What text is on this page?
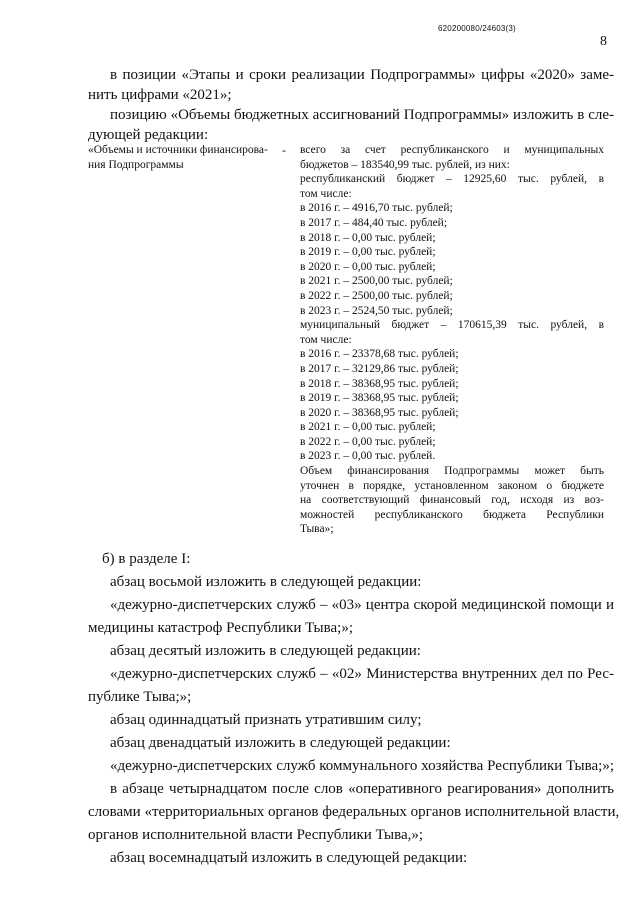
620200080/24603(3)
8
в позиции «Этапы и сроки реализации Подпрограммы» цифры «2020» заме-
нить цифрами «2021»;
позицию «Объемы бюджетных ассигнований Подпрограммы» изложить в сле-
дующей редакции:
«Объемы и источники финансирова-
ния Подпрограммы
- всего за счет республиканского и муниципальных
бюджетов – 183540,99 тыс. рублей, из них:
республиканский бюджет – 12925,60 тыс. рублей, в
том числе:
в 2016 г. – 4916,70 тыс. рублей;
в 2017 г. – 484,40 тыс. рублей;
в 2018 г. – 0,00 тыс. рублей;
в 2019 г. – 0,00 тыс. рублей;
в 2020 г. – 0,00 тыс. рублей;
в 2021 г. – 2500,00 тыс. рублей;
в 2022 г. – 2500,00 тыс. рублей;
в 2023 г. – 2524,50 тыс. рублей;
муниципальный бюджет – 170615,39 тыс. рублей, в
том числе:
в 2016 г. – 23378,68 тыс. рублей;
в 2017 г. – 32129,86 тыс. рублей;
в 2018 г. – 38368,95 тыс. рублей;
в 2019 г. – 38368,95 тыс. рублей;
в 2020 г. – 38368,95 тыс. рублей;
в 2021 г. – 0,00 тыс. рублей;
в 2022 г. – 0,00 тыс. рублей;
в 2023 г. – 0,00 тыс. рублей.
Объем финансирования Подпрограммы может быть
уточнен в порядке, установленном законом о бюджете
на соответствующий финансовый год, исходя из воз-
можностей республиканского бюджета Республики
Тыва»;
б) в разделе I:
абзац восьмой изложить в следующей редакции:
«дежурно-диспетчерских служб – «03» центра скорой медицинской помощи и
медицины катастроф Республики Тыва;»;
абзац десятый изложить в следующей редакции:
«дежурно-диспетчерских служб – «02» Министерства внутренних дел по Рес-
публике Тыва;»;
абзац одиннадцатый признать утратившим силу;
абзац двенадцатый изложить в следующей редакции:
«дежурно-диспетчерских служб коммунального хозяйства Республики Тыва;»;
в абзаце четырнадцатом после слов «оперативного реагирования» дополнить
словами «территориальных органов федеральных органов исполнительной власти,
органов исполнительной власти Республики Тыва,»;
абзац восемнадцатый изложить в следующей редакции:
